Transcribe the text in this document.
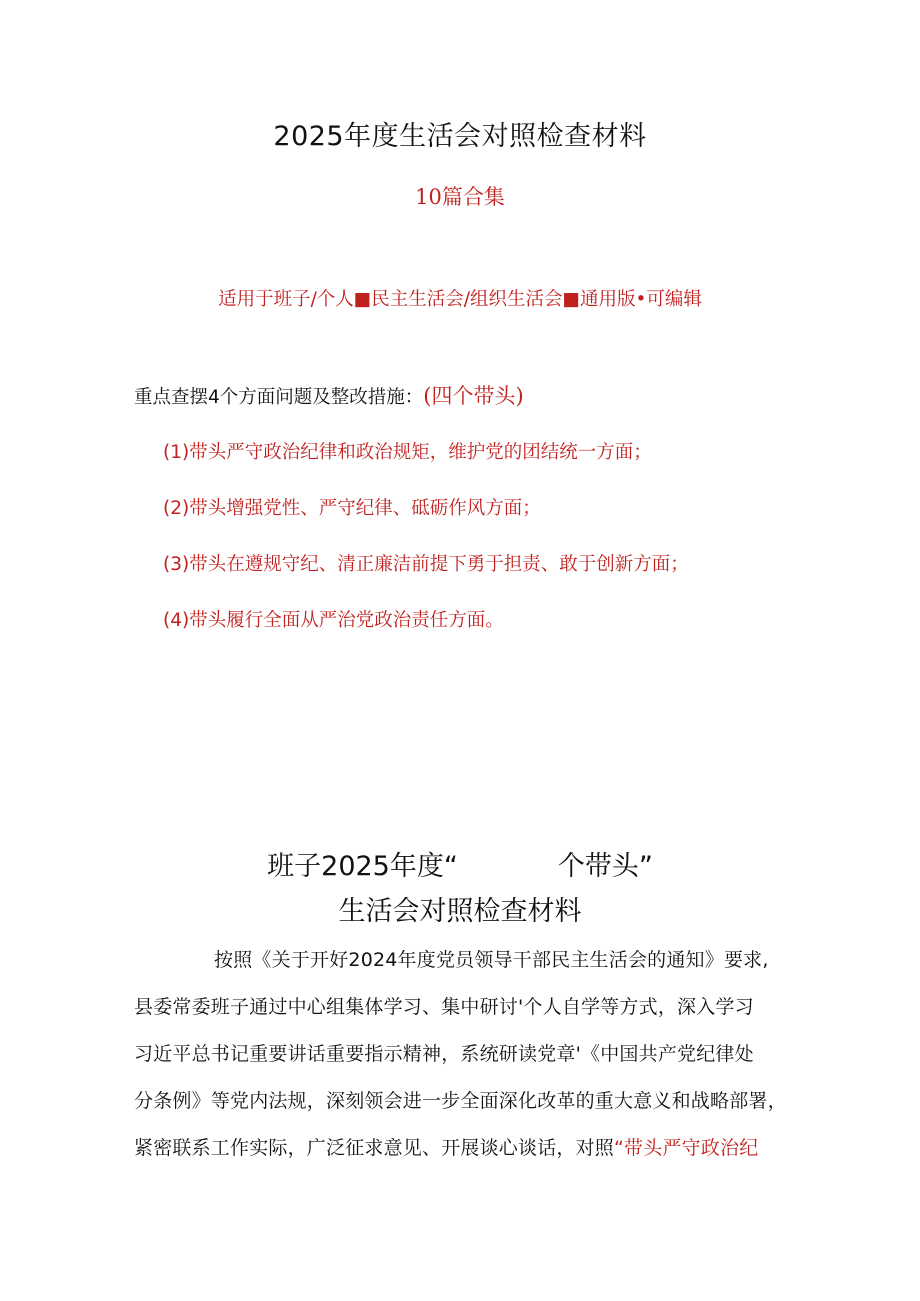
2025年度生活会对照检查材料
10篇合集
适用于班子/个人■民主生活会/组织生活会■通用版•可编辑
重点查摆4个方面问题及整改措施：(四个带头)
(1)带头严守政治纪律和政治规矩，维护党的团结统一方面；
(2)带头增强党性、严守纪律、砥砺作风方面；
(3)带头在遵规守纪、清正廉洁前提下勇于担责、敢于创新方面；
(4)带头履行全面从严治党政治责任方面。
班子2025年度“	个带头”
生活会对照检查材料
按照《关于开好2024年度党员领导干部民主生活会的通知》要求,
县委常委班子通过中心组集体学习、集中研讨'个人自学等方式，深入学习
习近平总书记重要讲话重要指示精神，系统研读党章'《中国共产党纪律处
分条例》等党内法规，深刻领会进一步全面深化改革的重大意义和战略部署，
紧密联系工作实际，广泛征求意见、开展谈心谈话，对照“带头严守政治纪
